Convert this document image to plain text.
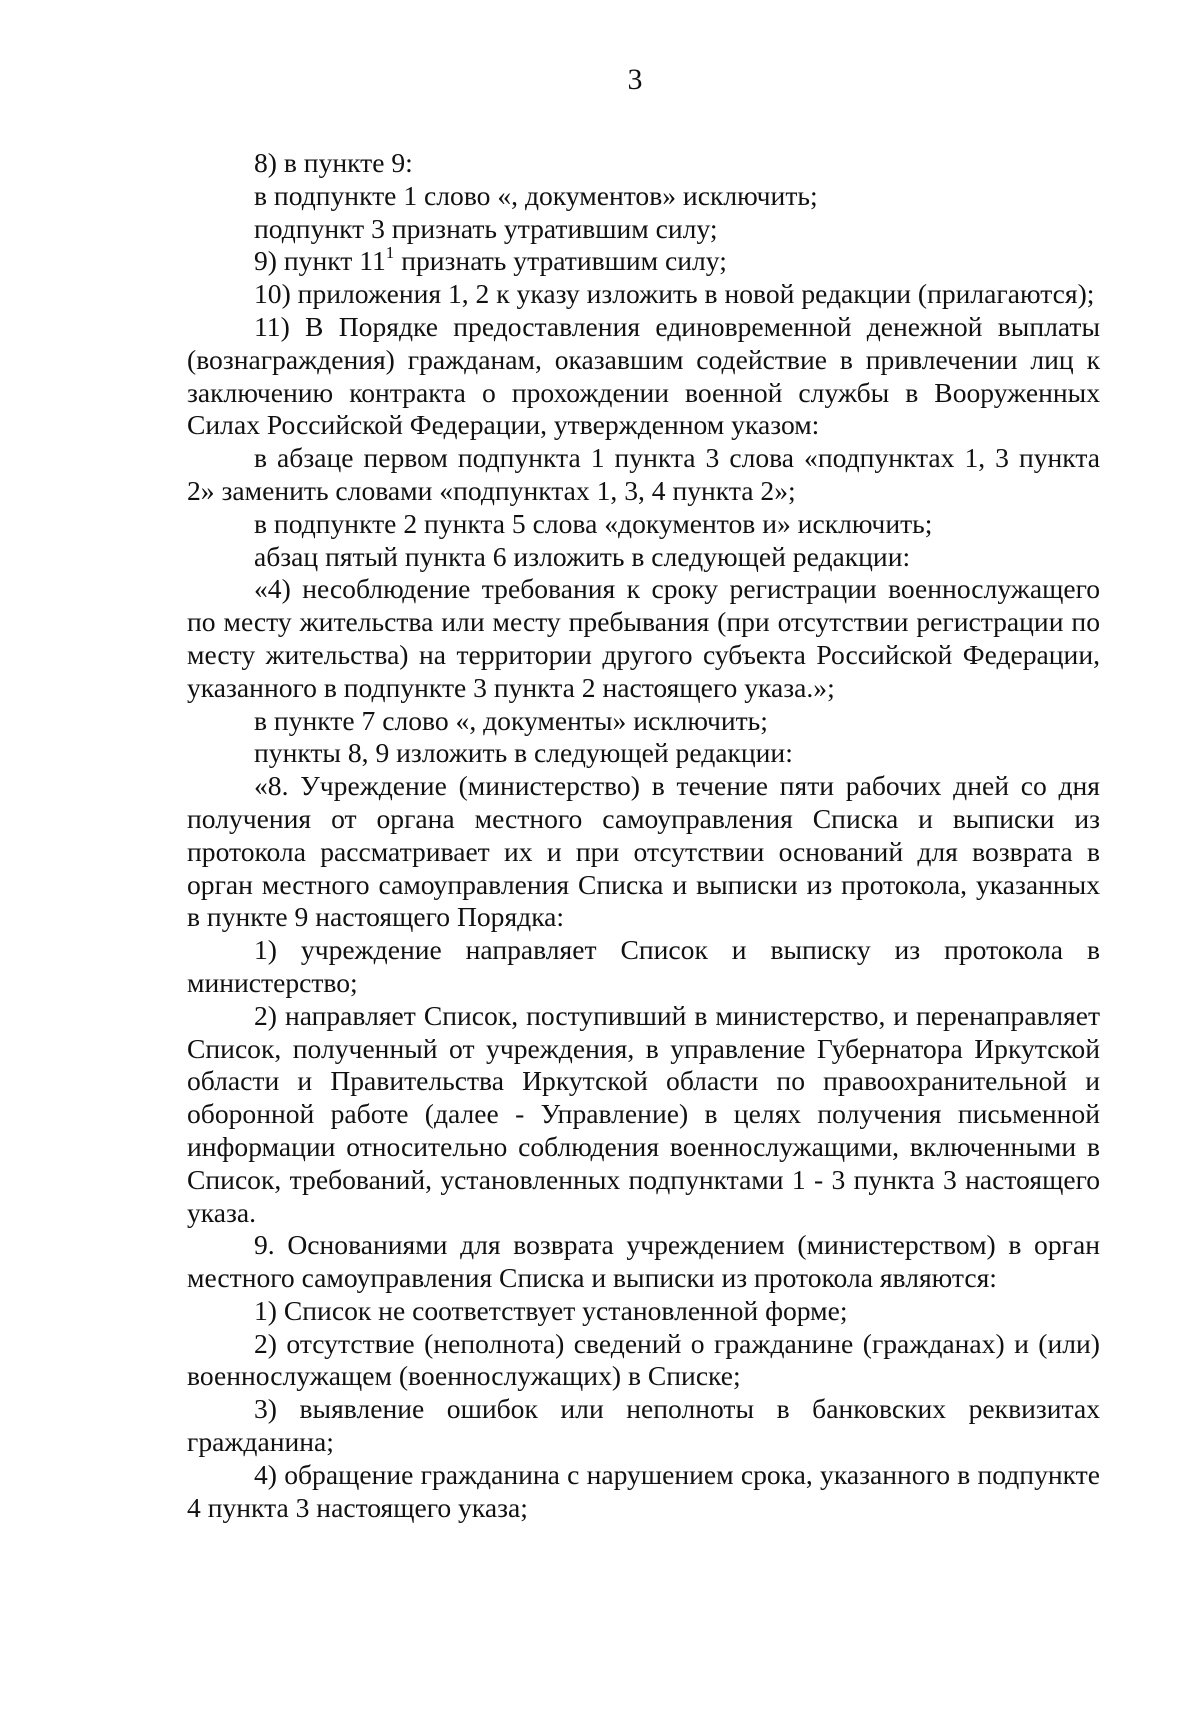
3

8) в пункте 9:

в подпункте 1 слово «, документов» исключить;

подпункт 3 признать утратившим силу;

9) пункт $11^1$ признать утратившим силу;

10) приложения 1, 2 к указу изложить в новой редакции (прилагаются);

11) В Порядке предоставления единовременной денежной выплаты (вознаграждения) гражданам, оказавшим содействие в привлечении лиц к заключению контракта о прохождении военной службы в Вооруженных Силах Российской Федерации, утвержденном указом:

в абзаце первом подпункта 1 пункта 3 слова «подпунктах 1, 3 пункта 2» заменить словами «подпунктах 1, 3, 4 пункта 2»;

в подпункте 2 пункта 5 слова «документов и» исключить;

абзац пятый пункта 6 изложить в следующей редакции:

«4) несоблюдение требования к сроку регистрации военнослужащего по месту жительства или месту пребывания (при отсутствии регистрации по месту жительства) на территории другого субъекта Российской Федерации, указанного в подпункте 3 пункта 2 настоящего указа.»;

в пункте 7 слово «, документы» исключить;

пункты 8, 9 изложить в следующей редакции:

«8. Учреждение (министерство) в течение пяти рабочих дней со дня получения от органа местного самоуправления Списка и выписки из протокола рассматривает их и при отсутствии оснований для возврата в орган местного самоуправления Списка и выписки из протокола, указанных в пункте 9 настоящего Порядка:

1) учреждение направляет Список и выписку из протокола в министерство;

2) направляет Список, поступивший в министерство, и перенаправляет Список, полученный от учреждения, в управление Губернатора Иркутской области и Правительства Иркутской области по правоохранительной и оборонной работе (далее - Управление) в целях получения письменной информации относительно соблюдения военнослужащими, включенными в Список, требований, установленных подпунктами 1 - 3 пункта 3 настоящего указа.

9. Основаниями для возврата учреждением (министерством) в орган местного самоуправления Списка и выписки из протокола являются:

1) Список не соответствует установленной форме;

2) отсутствие (неполнота) сведений о гражданине (гражданах) и (или) военнослужащем (военнослужащих) в Списке;

3) выявление ошибок или неполноты в банковских реквизитах гражданина;

4) обращение гражданина с нарушением срока, указанного в подпункте 4 пункта 3 настоящего указа;
